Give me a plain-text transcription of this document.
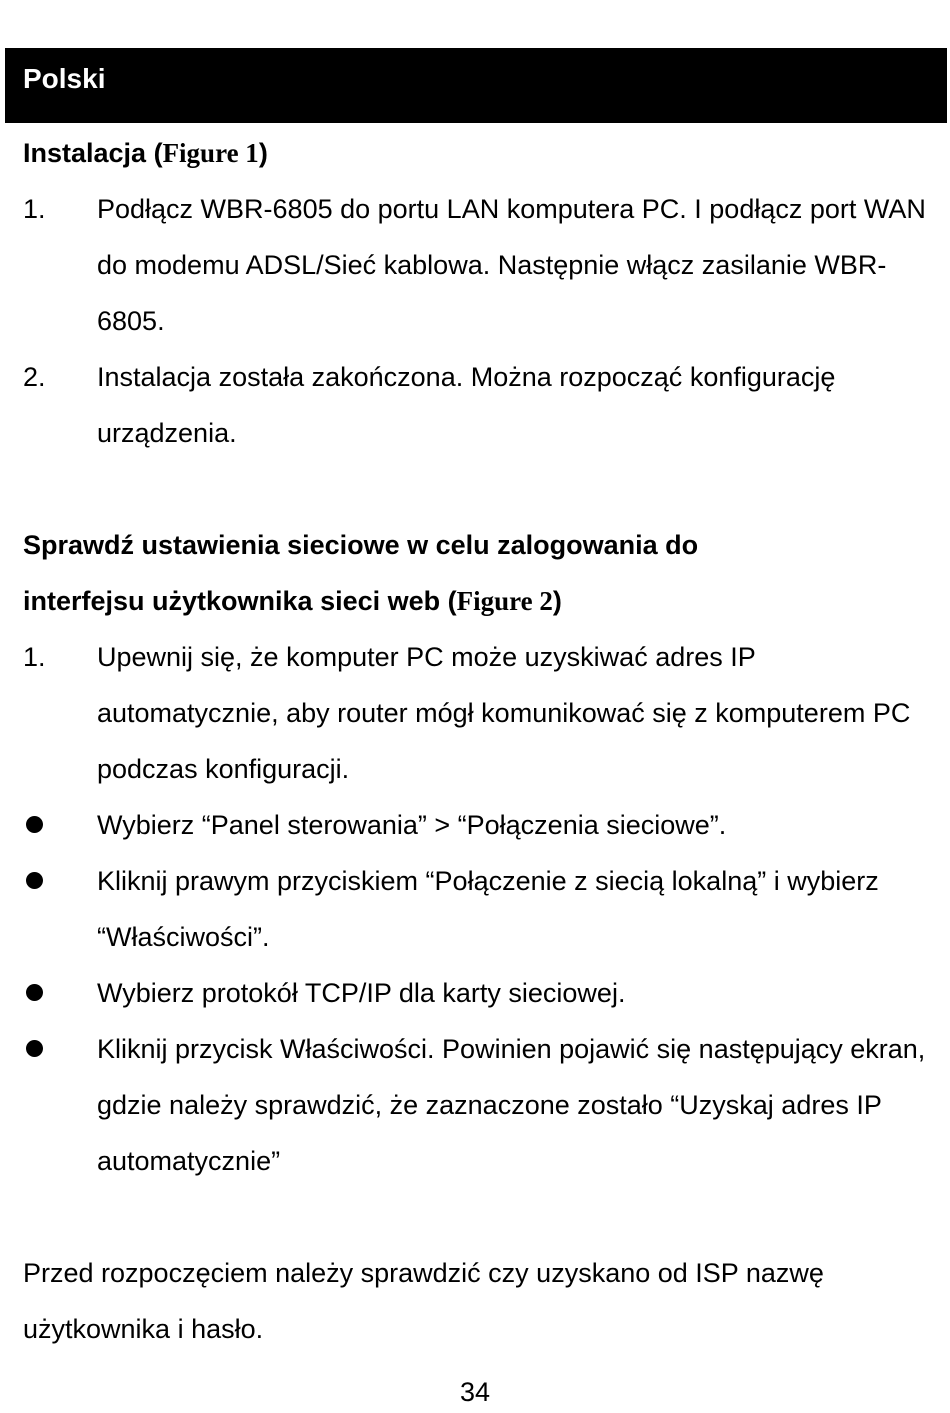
Polski
Instalacja (Figure 1)
1. Podłącz WBR-6805 do portu LAN komputera PC. I podłącz port WAN do modemu ADSL/Sieć kablowa. Następnie włącz zasilanie WBR-6805.
2. Instalacja została zakończona. Można rozpocząć konfigurację urządzenia.
Sprawdź ustawienia sieciowe w celu zalogowania do
interfejsu użytkownika sieci web (Figure 2)
1. Upewnij się, że komputer PC może uzyskiwać adres IP automatycznie, aby router mógł komunikować się z komputerem PC podczas konfiguracji.
Wybierz “Panel sterowania” > “Połączenia sieciowe”.
Kliknij prawym przyciskiem “Połączenie z siecią lokalną” i wybierz “Właściwości”.
Wybierz protokół TCP/IP dla karty sieciowej.
Kliknij przycisk Właściwości. Powinien pojawić się następujący ekran, gdzie należy sprawdzić, że zaznaczone zostało “Uzyskaj adres IP automatycznie”

Przed rozpoczęciem należy sprawdzić czy uzyskano od ISP nazwę użytkownika i hasło.

34
